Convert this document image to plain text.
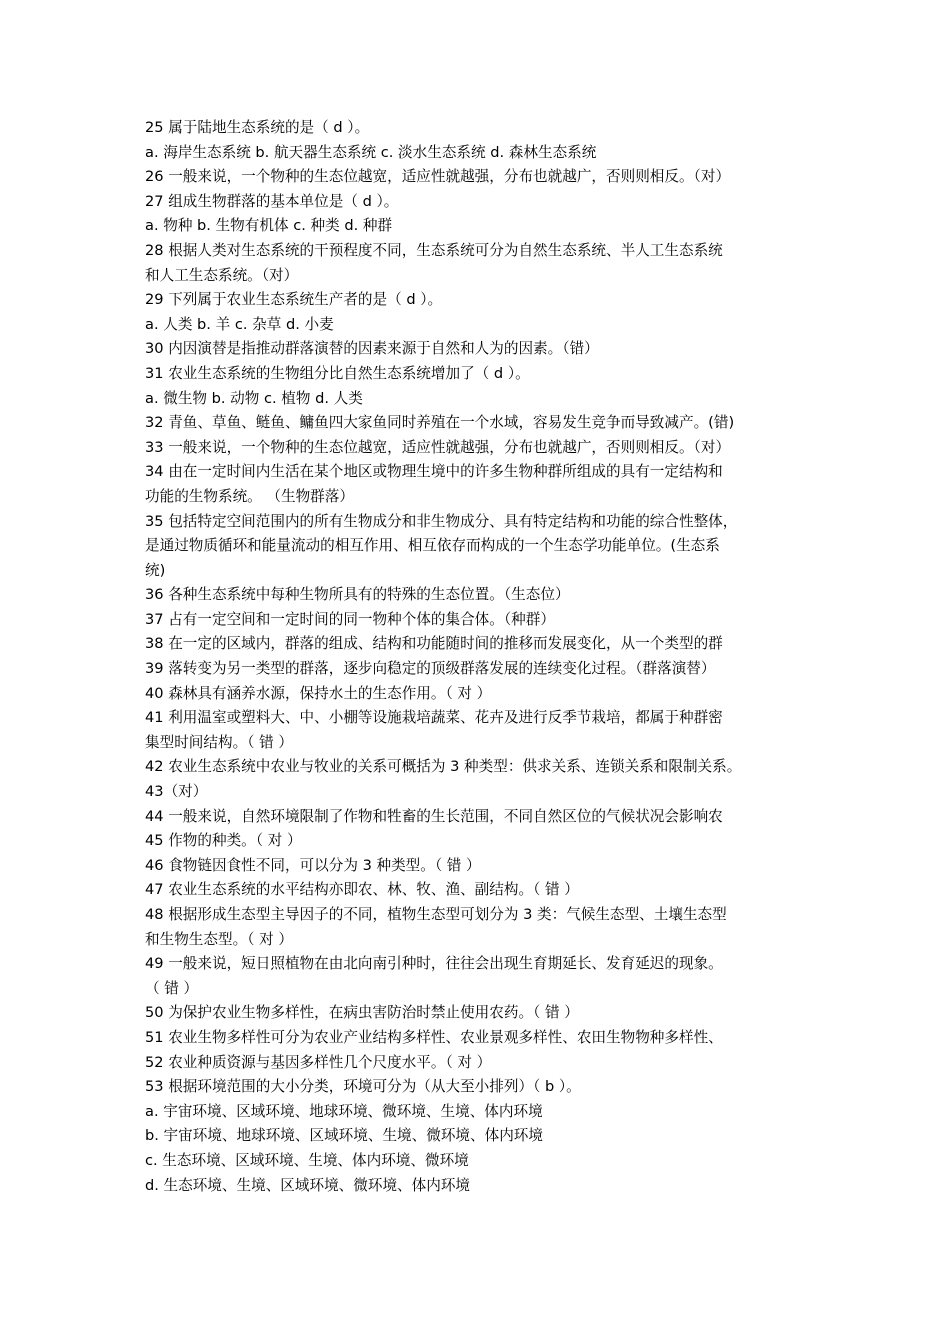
25 属于陆地生态系统的是（ d ）。
a. 海岸生态系统 b. 航天器生态系统 c. 淡水生态系统 d. 森林生态系统
26 一般来说，一个物种的生态位越宽，适应性就越强，分布也就越广，否则则相反。（对）
27 组成生物群落的基本单位是（ d ）。
a. 物种 b. 生物有机体 c. 种类 d. 种群
28 根据人类对生态系统的干预程度不同，生态系统可分为自然生态系统、半人工生态系统
和人工生态系统。（对）
29 下列属于农业生态系统生产者的是（ d ）。
a. 人类 b. 羊 c. 杂草 d. 小麦
30 内因演替是指推动群落演替的因素来源于自然和人为的因素。（错）
31 农业生态系统的生物组分比自然生态系统增加了（ d ）。
a. 微生物 b. 动物 c. 植物 d. 人类
32 青鱼、草鱼、鲢鱼、鳙鱼四大家鱼同时养殖在一个水域，容易发生竞争而导致减产。(错)
33 一般来说，一个物种的生态位越宽，适应性就越强，分布也就越广，否则则相反。（对）
34 由在一定时间内生活在某个地区或物理生境中的许多生物种群所组成的具有一定结构和
功能的生物系统。 （生物群落）
35 包括特定空间范围内的所有生物成分和非生物成分、具有特定结构和功能的综合性整体，
是通过物质循环和能量流动的相互作用、相互依存而构成的一个生态学功能单位。(生态系
统)
36 各种生态系统中每种生物所具有的特殊的生态位置。（生态位）
37 占有一定空间和一定时间的同一物种个体的集合体。（种群）
38 在一定的区域内，群落的组成、结构和功能随时间的推移而发展变化，从一个类型的群
39 落转变为另一类型的群落，逐步向稳定的顶级群落发展的连续变化过程。（群落演替）
40 森林具有涵养水源，保持水土的生态作用。（ 对 ）
41 利用温室或塑料大、中、小棚等设施栽培蔬菜、花卉及进行反季节栽培，都属于种群密
集型时间结构。（ 错 ）
42 农业生态系统中农业与牧业的关系可概括为 3 种类型：供求关系、连锁关系和限制关系。
43（对）
44 一般来说，自然环境限制了作物和牲畜的生长范围，不同自然区位的气候状况会影响农
45 作物的种类。（ 对 ）
46 食物链因食性不同，可以分为 3 种类型。（ 错 ）
47 农业生态系统的水平结构亦即农、林、牧、渔、副结构。（ 错 ）
48 根据形成生态型主导因子的不同，植物生态型可划分为 3 类：气候生态型、土壤生态型
和生物生态型。（ 对 ）
49 一般来说，短日照植物在由北向南引种时，往往会出现生育期延长、发育延迟的现象。
（ 错 ）
50 为保护农业生物多样性，在病虫害防治时禁止使用农药。（ 错 ）
51 农业生物多样性可分为农业产业结构多样性、农业景观多样性、农田生物物种多样性、
52 农业种质资源与基因多样性几个尺度水平。（ 对 ）
53 根据环境范围的大小分类，环境可分为（从大至小排列）（ b ）。
a. 宇宙环境、区域环境、地球环境、微环境、生境、体内环境
b. 宇宙环境、地球环境、区域环境、生境、微环境、体内环境
c. 生态环境、区域环境、生境、体内环境、微环境
d. 生态环境、生境、区域环境、微环境、体内环境
